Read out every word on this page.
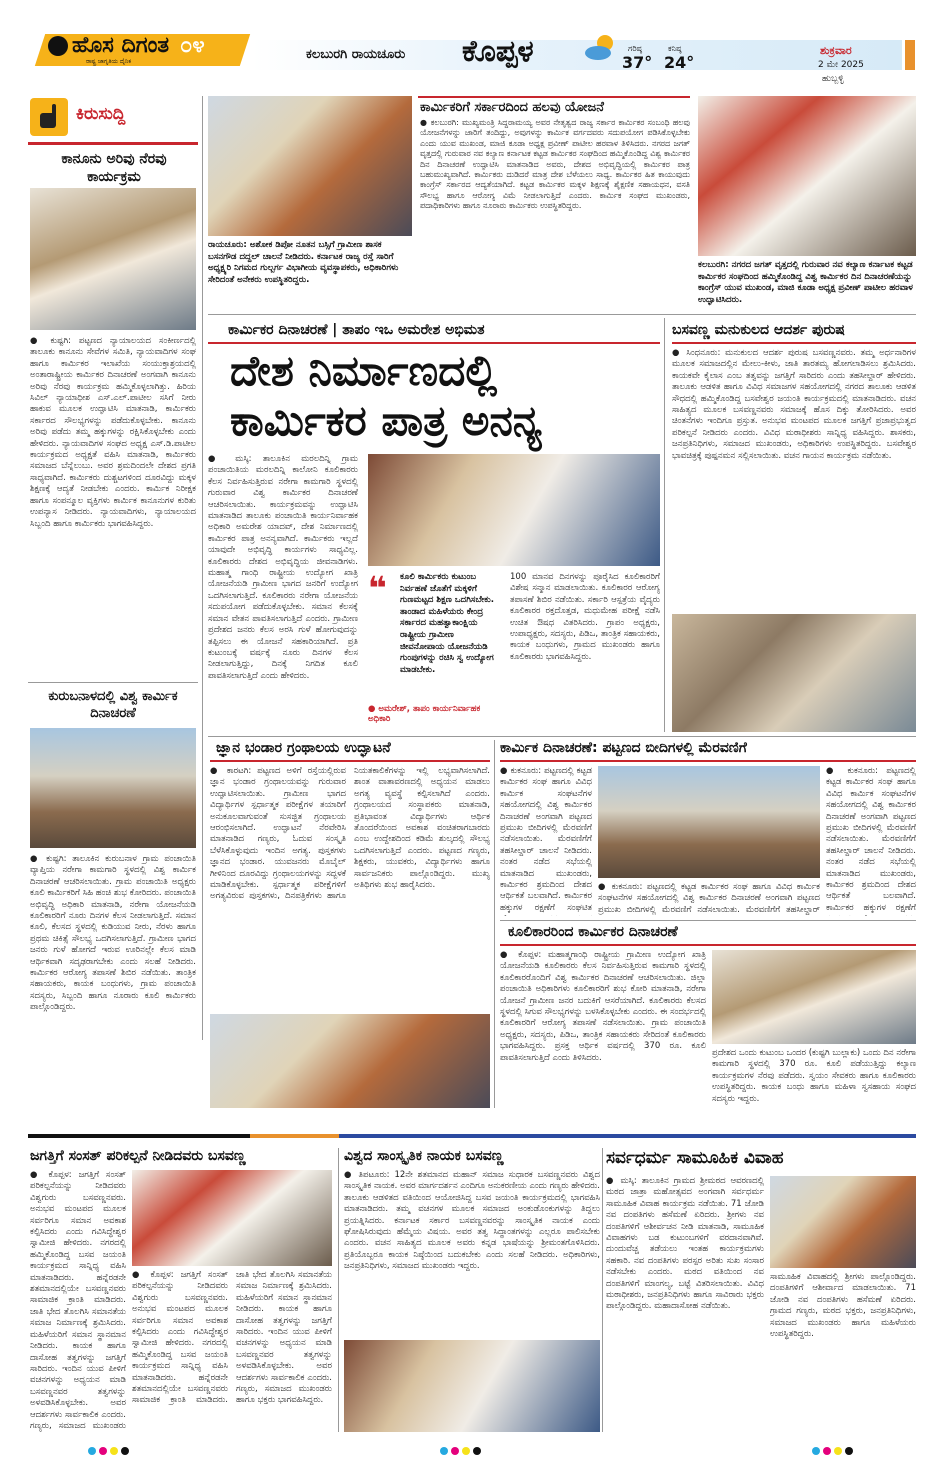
ಹೊಸ ದಿಗಂತ
ರಾಷ್ಟ್ರ ಜಾಗೃತಿಯ ದೈನಿಕ
೦೪	ಕಲಬುರಗಿ ರಾಯಚೂರು ಕೊಪ್ಪಳ	ಗರಿಷ್ಠ
37°
ಕನಿಷ್ಠ
24°
ಶುಕ್ರವಾರ
2 ಮೇ 2025
ಹುಬ್ಬಳ್ಳಿ
ಕಿರುಸುದ್ದಿ
ಕಾನೂನು ಅರಿವು ನೆರವು ಕಾರ್ಯಕ್ರಮ
● ಕುಷ್ಟಗಿ: ಪಟ್ಟಣದ ನ್ಯಾಯಾಲಯದ ಸಂಕೀರ್ಣದಲ್ಲಿ ತಾಲೂಕು ಕಾನೂನು ಸೇವೆಗಳ ಸಮಿತಿ, ನ್ಯಾಯವಾದಿಗಳ ಸಂಘ ಹಾಗೂ ಕಾರ್ಮಿಕರ ಇಲಾಖೆಯ ಸಂಯುಕ್ತಾಶ್ರಯದಲ್ಲಿ ಅಂತಾರಾಷ್ಟ್ರೀಯ ಕಾರ್ಮಿಕರ ದಿನಾಚರಣೆ ಅಂಗವಾಗಿ ಕಾನೂನು ಅರಿವು ನೆರವು ಕಾರ್ಯಕ್ರಮ ಹಮ್ಮಿಕೊಳ್ಳಲಾಗಿತ್ತು. ಹಿರಿಯ ಸಿವಿಲ್ ನ್ಯಾಯಾಧೀಶ ಎಸ್.ಎಲ್.ಪಾಟೀಲ ಸಸಿಗೆ ನೀರು ಹಾಕುವ ಮೂಲಕ ಉದ್ಘಾಟಿಸಿ ಮಾತನಾಡಿ, ಕಾರ್ಮಿಕರು ಸರ್ಕಾರದ ಸೌಲಭ್ಯಗಳನ್ನು ಪಡೆದುಕೊಳ್ಳಬೇಕು. ಕಾನೂನು ಅರಿವು ಪಡೆದು ತಮ್ಮ ಹಕ್ಕುಗಳನ್ನು ರಕ್ಷಿಸಿಕೊಳ್ಳಬೇಕು ಎಂದು ಹೇಳಿದರು. ನ್ಯಾಯವಾದಿಗಳ ಸಂಘದ ಅಧ್ಯಕ್ಷ ಎಸ್.ಡಿ.ಪಾಟೀಲ ಕಾರ್ಯಕ್ರಮದ ಅಧ್ಯಕ್ಷತೆ ವಹಿಸಿ ಮಾತನಾಡಿ, ಕಾರ್ಮಿಕರು ಸಮಾಜದ ಬೆನ್ನೆಲುಬು. ಅವರ ಶ್ರಮದಿಂದಲೇ ದೇಶದ ಪ್ರಗತಿ ಸಾಧ್ಯವಾಗಿದೆ. ಕಾರ್ಮಿಕರು ದುಶ್ಚಟಗಳಿಂದ ದೂರವಿದ್ದು ಮಕ್ಕಳ ಶಿಕ್ಷಣಕ್ಕೆ ಆದ್ಯತೆ ನೀಡಬೇಕು ಎಂದರು. ಕಾರ್ಮಿಕ ನಿರೀಕ್ಷಕ ಹಾಗೂ ಸಂಪನ್ಮೂಲ ವ್ಯಕ್ತಿಗಳು ಕಾರ್ಮಿಕ ಕಾನೂನುಗಳ ಕುರಿತು ಉಪನ್ಯಾಸ ನೀಡಿದರು. ನ್ಯಾಯವಾದಿಗಳು, ನ್ಯಾಯಾಲಯದ ಸಿಬ್ಬಂದಿ ಹಾಗೂ ಕಾರ್ಮಿಕರು ಭಾಗವಹಿಸಿದ್ದರು.
ಕುರುಬನಾಳದಲ್ಲಿ ವಿಶ್ವ ಕಾರ್ಮಿಕ ದಿನಾಚರಣೆ
● ಕುಷ್ಟಗಿ: ತಾಲೂಕಿನ ಕುರುಬನಾಳ ಗ್ರಾಮ ಪಂಚಾಯಿತಿ ವ್ಯಾಪ್ತಿಯ ನರೇಗಾ ಕಾಮಗಾರಿ ಸ್ಥಳದಲ್ಲಿ ವಿಶ್ವ ಕಾರ್ಮಿಕ ದಿನಾಚರಣೆ ಆಚರಿಸಲಾಯಿತು. ಗ್ರಾಮ ಪಂಚಾಯಿತಿ ಅಧ್ಯಕ್ಷರು ಕೂಲಿ ಕಾರ್ಮಿಕರಿಗೆ ಸಿಹಿ ಹಂಚಿ ಶುಭ ಕೋರಿದರು. ಪಂಚಾಯಿತಿ ಅಭಿವೃದ್ಧಿ ಅಧಿಕಾರಿ ಮಾತನಾಡಿ, ನರೇಗಾ ಯೋಜನೆಯಡಿ ಕೂಲಿಕಾರರಿಗೆ ನೂರು ದಿನಗಳ ಕೆಲಸ ನೀಡಲಾಗುತ್ತಿದೆ. ಸಮಾನ ಕೂಲಿ, ಕೆಲಸದ ಸ್ಥಳದಲ್ಲಿ ಕುಡಿಯುವ ನೀರು, ನೆರಳು ಹಾಗೂ ಪ್ರಥಮ ಚಿಕಿತ್ಸೆ ಸೌಲಭ್ಯ ಒದಗಿಸಲಾಗುತ್ತಿದೆ. ಗ್ರಾಮೀಣ ಭಾಗದ ಜನರು ಗುಳೆ ಹೋಗದೆ ಇರುವ ಊರಿನಲ್ಲೇ ಕೆಲಸ ಮಾಡಿ ಆರ್ಥಿಕವಾಗಿ ಸದೃಢರಾಗಬೇಕು ಎಂದು ಸಲಹೆ ನೀಡಿದರು. ಕಾರ್ಮಿಕರ ಆರೋಗ್ಯ ತಪಾಸಣೆ ಶಿಬಿರ ನಡೆಯಿತು. ತಾಂತ್ರಿಕ ಸಹಾಯಕರು, ಕಾಯಕ ಬಂಧುಗಳು, ಗ್ರಾಮ ಪಂಚಾಯಿತಿ ಸದಸ್ಯರು, ಸಿಬ್ಬಂದಿ ಹಾಗೂ ನೂರಾರು ಕೂಲಿ ಕಾರ್ಮಿಕರು ಪಾಲ್ಗೊಂಡಿದ್ದರು.
ರಾಯಚೂರು: ಅಶೋಕ ಡಿಪೋ ನೂತನ ಬಸ್ಸಿಗೆ ಗ್ರಾಮೀಣ ಶಾಸಕ ಬಸನಗೌಡ ದದ್ದಲ್ ಚಾಲನೆ ನೀಡಿದರು. ಕರ್ನಾಟಕ ರಾಜ್ಯ ರಸ್ತೆ ಸಾರಿಗೆ ಅಧ್ಯಕ್ಷ್ಯರಿ ನಿಗಮದ ಗುಲ್ಬರ್ಗ ವಿಭಾಗೀಯ ವ್ಯವಸ್ಥಾಪಕರು, ಅಧಿಕಾರಿಗಳು ಸೇರಿದಂತೆ ಅನೇಕರು ಉಪಸ್ಥಿತರಿದ್ದರು.
ಕಾರ್ಮಿಕರಿಗೆ ಸರ್ಕಾರದಿಂದ ಹಲವು ಯೋಜನೆ
● ಕಲಬುರಗಿ: ಮುಖ್ಯಮಂತ್ರಿ ಸಿದ್ದರಾಮಯ್ಯ ಅವರ ನೇತೃತ್ವದ ರಾಜ್ಯ ಸರ್ಕಾರ ಕಾರ್ಮಿಕರ ಸಂಬಂಧಿ ಹಲವು ಯೋಜನೆಗಳನ್ನು ಜಾರಿಗೆ ತಂದಿದ್ದು, ಅವುಗಳನ್ನು ಕಾರ್ಮಿಕ ವರ್ಗದವರು ಸದುಪಯೋಗ ಪಡಿಸಿಕೊಳ್ಳಬೇಕು ಎಂದು ಯುವ ಮುಖಂಡ, ಮಾಜಿ ಕೂಡಾ ಅಧ್ಯಕ್ಷ ಪ್ರವೀಣ್ ಪಾಟೀಲ ಹರವಾಳ ತಿಳಿಸಿದರು. ನಗರದ ಜಗತ್ ವೃತ್ತದಲ್ಲಿ ಗುರುವಾರ ನವ ಕಲ್ಯಾಣ ಕರ್ನಾಟಕ ಕಟ್ಟಡ ಕಾರ್ಮಿಕರ ಸಂಘದಿಂದ ಹಮ್ಮಿಕೊಂಡಿದ್ದ ವಿಶ್ವ ಕಾರ್ಮಿಕರ ದಿನ ದಿನಾಚರಣೆ ಉದ್ಘಾಟಿಸಿ ಮಾತನಾಡಿದ ಅವರು, ದೇಶದ ಅಭಿವೃದ್ಧಿಯಲ್ಲಿ ಕಾರ್ಮಿಕರ ಪಾತ್ರ ಬಹುಮುಖ್ಯವಾಗಿದೆ. ಕಾರ್ಮಿಕರು ದುಡಿದರೆ ಮಾತ್ರ ದೇಶ ಬೆಳೆಯಲು ಸಾಧ್ಯ. ಕಾರ್ಮಿಕರ ಹಿತ ಕಾಯುವುದು ಕಾಂಗ್ರೆಸ್ ಸರ್ಕಾರದ ಆದ್ಯತೆಯಾಗಿದೆ. ಕಟ್ಟಡ ಕಾರ್ಮಿಕರ ಮಕ್ಕಳ ಶಿಕ್ಷಣಕ್ಕೆ ಶೈಕ್ಷಣಿಕ ಸಹಾಯಧನ, ವಸತಿ ಸೌಲಭ್ಯ ಹಾಗೂ ಆರೋಗ್ಯ ವಿಮೆ ನೀಡಲಾಗುತ್ತಿದೆ ಎಂದರು. ಕಾರ್ಮಿಕ ಸಂಘದ ಮುಖಂಡರು, ಪದಾಧಿಕಾರಿಗಳು ಹಾಗೂ ನೂರಾರು ಕಾರ್ಮಿಕರು ಉಪಸ್ಥಿತರಿದ್ದರು.
ಕಲಬುರಗಿ: ನಗರದ ಜಗತ್ ವೃತ್ತದಲ್ಲಿ ಗುರುವಾರ ನವ ಕಲ್ಯಾಣ ಕರ್ನಾಟಕ ಕಟ್ಟಡ ಕಾರ್ಮಿಕರ ಸಂಘದಿಂದ ಹಮ್ಮಿಕೊಂಡಿದ್ದ ವಿಶ್ವ ಕಾರ್ಮಿಕರ ದಿನ ದಿನಾಚರಣೆಯನ್ನು ಕಾಂಗ್ರೆಸ್ ಯುವ ಮುಖಂಡ, ಮಾಜಿ ಕೂಡಾ ಅಧ್ಯಕ್ಷ ಪ್ರವೀಣ್ ಪಾಟೀಲ ಹರವಾಳ ಉದ್ಘಾಟಿಸಿದರು.
ಕಾರ್ಮಿಕರ ದಿನಾಚರಣೆ | ತಾಪಂ ಇಒ ಅಮರೇಶ ಅಭಿಮತ
ದೇಶ ನಿರ್ಮಾಣದಲ್ಲಿ
ಕಾರ್ಮಿಕರ ಪಾತ್ರ ಅನನ್ಯ
● ಮಸ್ಕಿ: ತಾಲೂಕಿನ ಮರಲದಿನ್ನಿ ಗ್ರಾಮ ಪಂಚಾಯಿತಿಯ ಮರಲದಿನ್ನಿ ಕಾಲೋನಿ ಕೂಲಿಕಾರರು ಕೆಲಸ ನಿರ್ವಹಿಸುತ್ತಿರುವ ನರೇಗಾ ಕಾಮಗಾರಿ ಸ್ಥಳದಲ್ಲಿ ಗುರುವಾರ ವಿಶ್ವ ಕಾರ್ಮಿಕರ ದಿನಾಚರಣೆ ಆಚರಿಸಲಾಯಿತು. ಕಾರ್ಯಕ್ರಮವನ್ನು ಉದ್ಘಾಟಿಸಿ ಮಾತನಾಡಿದ ತಾಲೂಕು ಪಂಚಾಯಿತಿ ಕಾರ್ಯನಿರ್ವಾಹಕ ಅಧಿಕಾರಿ ಅಮರೇಶ ಯಾದವ್, ದೇಶ ನಿರ್ಮಾಣದಲ್ಲಿ ಕಾರ್ಮಿಕರ ಪಾತ್ರ ಅನನ್ಯವಾಗಿದೆ. ಕಾರ್ಮಿಕರು ಇಲ್ಲದೆ ಯಾವುದೇ ಅಭಿವೃದ್ಧಿ ಕಾರ್ಯಗಳು ಸಾಧ್ಯವಿಲ್ಲ. ಕೂಲಿಕಾರರು ದೇಶದ ಅಭಿವೃದ್ಧಿಯ ಜೀವನಾಡಿಗಳು. ಮಹಾತ್ಮ ಗಾಂಧಿ ರಾಷ್ಟ್ರೀಯ ಉದ್ಯೋಗ ಖಾತ್ರಿ ಯೋಜನೆಯಡಿ ಗ್ರಾಮೀಣ ಭಾಗದ ಜನರಿಗೆ ಉದ್ಯೋಗ ಒದಗಿಸಲಾಗುತ್ತಿದೆ. ಕೂಲಿಕಾರರು ನರೇಗಾ ಯೋಜನೆಯ ಸದುಪಯೋಗ ಪಡೆದುಕೊಳ್ಳಬೇಕು. ಸಮಾನ ಕೆಲಸಕ್ಕೆ ಸಮಾನ ವೇತನ ಪಾವತಿಸಲಾಗುತ್ತಿದೆ ಎಂದರು. ಗ್ರಾಮೀಣ ಪ್ರದೇಶದ ಜನರು ಕೆಲಸ ಅರಸಿ ಗುಳೆ ಹೋಗುವುದನ್ನು ತಪ್ಪಿಸಲು ಈ ಯೋಜನೆ ಸಹಕಾರಿಯಾಗಿದೆ. ಪ್ರತಿ ಕುಟುಂಬಕ್ಕೆ ವರ್ಷಕ್ಕೆ ನೂರು ದಿನಗಳ ಕೆಲಸ ನೀಡಲಾಗುತ್ತಿದ್ದು, ದಿನಕ್ಕೆ ನಿಗದಿತ ಕೂಲಿ ಪಾವತಿಸಲಾಗುತ್ತಿದೆ ಎಂದು ಹೇಳಿದರು.
❝ ಕೂಲಿ ಕಾರ್ಮಿಕರು ಕುಟುಂಬ ನಿರ್ವಹಣೆ ಜೊತೆಗೆ ಮಕ್ಕಳಿಗೆ ಗುಣಮಟ್ಟದ ಶಿಕ್ಷಣ ಒದಗಿಸಬೇಕು. ತಾಂಡಾದ ಮಹಿಳೆಯರು ಕೇಂದ್ರ ಸರ್ಕಾರದ ಮಹತ್ವಾಕಾಂಕ್ಷಿಯ ರಾಷ್ಟ್ರೀಯ ಗ್ರಾಮೀಣ ಜೀವನೋಪಾಯ ಯೋಜನೆಯಡಿ ಗುಂಪುಗಳನ್ನು ರಚಿಸಿ ಸ್ವ ಉದ್ಯೋಗ ಮಾಡಬೇಕು.
● ಅಮರೇಶ್, ತಾಪಂ ಕಾರ್ಯನಿರ್ವಾಹಕ ಅಧಿಕಾರಿ
100 ಮಾನವ ದಿನಗಳನ್ನು ಪೂರೈಸಿದ ಕೂಲಿಕಾರರಿಗೆ ವಿಶೇಷ ಸನ್ಮಾನ ಮಾಡಲಾಯಿತು. ಕೂಲಿಕಾರರ ಆರೋಗ್ಯ ತಪಾಸಣೆ ಶಿಬಿರ ನಡೆಯಿತು. ಸರ್ಕಾರಿ ಆಸ್ಪತ್ರೆಯ ವೈದ್ಯರು ಕೂಲಿಕಾರರ ರಕ್ತದೊತ್ತಡ, ಮಧುಮೇಹ ಪರೀಕ್ಷೆ ನಡೆಸಿ ಉಚಿತ ಔಷಧ ವಿತರಿಸಿದರು. ಗ್ರಾಪಂ ಅಧ್ಯಕ್ಷರು, ಉಪಾಧ್ಯಕ್ಷರು, ಸದಸ್ಯರು, ಪಿಡಿಒ, ತಾಂತ್ರಿಕ ಸಹಾಯಕರು, ಕಾಯಕ ಬಂಧುಗಳು, ಗ್ರಾಮದ ಮುಖಂಡರು ಹಾಗೂ ಕೂಲಿಕಾರರು ಭಾಗವಹಿಸಿದ್ದರು.
ಬಸವಣ್ಣ ಮನುಕುಲದ ಆದರ್ಶ ಪುರುಷ
● ಸಿಂಧನೂರು: ಮನುಕುಲದ ಆದರ್ಶ ಪುರುಷ ಬಸವಣ್ಣನವರು. ತಮ್ಮ ಅರ್ಧನಾರಿಗಳ ಮೂಲಕ ಸಮಾಜದಲ್ಲಿನ ಮೇಲು-ಕೀಳು, ಜಾತಿ ತಾರತಮ್ಯ ಹೋಗಲಾಡಿಸಲು ಶ್ರಮಿಸಿದರು. ಕಾಯಕವೇ ಕೈಲಾಸ ಎಂಬ ತತ್ವವನ್ನು ಜಗತ್ತಿಗೆ ಸಾರಿದರು ಎಂದು ತಹಸೀಲ್ದಾರ್ ಹೇಳಿದರು. ತಾಲೂಕು ಆಡಳಿತ ಹಾಗೂ ವಿವಿಧ ಸಮಾಜಗಳ ಸಹಯೋಗದಲ್ಲಿ ನಗರದ ತಾಲೂಕು ಆಡಳಿತ ಸೌಧದಲ್ಲಿ ಹಮ್ಮಿಕೊಂಡಿದ್ದ ಬಸವೇಶ್ವರ ಜಯಂತಿ ಕಾರ್ಯಕ್ರಮದಲ್ಲಿ ಮಾತನಾಡಿದರು. ವಚನ ಸಾಹಿತ್ಯದ ಮೂಲಕ ಬಸವಣ್ಣನವರು ಸಮಾಜಕ್ಕೆ ಹೊಸ ದಿಕ್ಕು ತೋರಿಸಿದರು. ಅವರ ಚಿಂತನೆಗಳು ಇಂದಿಗೂ ಪ್ರಸ್ತುತ. ಅನುಭವ ಮಂಟಪದ ಮೂಲಕ ಜಗತ್ತಿಗೆ ಪ್ರಜಾಪ್ರಭುತ್ವದ ಪರಿಕಲ್ಪನೆ ನೀಡಿದರು ಎಂದರು. ವಿವಿಧ ಮಠಾಧೀಶರು ಸಾನ್ನಿಧ್ಯ ವಹಿಸಿದ್ದರು. ಶಾಸಕರು, ಜನಪ್ರತಿನಿಧಿಗಳು, ಸಮಾಜದ ಮುಖಂಡರು, ಅಧಿಕಾರಿಗಳು ಉಪಸ್ಥಿತರಿದ್ದರು. ಬಸವೇಶ್ವರ ಭಾವಚಿತ್ರಕ್ಕೆ ಪುಷ್ಪನಮನ ಸಲ್ಲಿಸಲಾಯಿತು. ವಚನ ಗಾಯನ ಕಾರ್ಯಕ್ರಮ ನಡೆಯಿತು.
ಜ್ಞಾನ ಭಂಡಾರ ಗ್ರಂಥಾಲಯ ಉದ್ಘಾಟನೆ
● ಕಾರಟಗಿ: ಪಟ್ಟಣದ ಅಳಿಗೆ ರಸ್ತೆಯಲ್ಲಿರುವ ಜ್ಞಾನ ಭಂಡಾರ ಗ್ರಂಥಾಲಯವನ್ನು ಗುರುವಾರ ಉದ್ಘಾಟಿಸಲಾಯಿತು. ಗ್ರಾಮೀಣ ಭಾಗದ ವಿದ್ಯಾರ್ಥಿಗಳ ಸ್ಪರ್ಧಾತ್ಮಕ ಪರೀಕ್ಷೆಗಳ ತಯಾರಿಗೆ ಅನುಕೂಲವಾಗುವಂತೆ ಸುಸಜ್ಜಿತ ಗ್ರಂಥಾಲಯ ಆರಂಭಿಸಲಾಗಿದೆ. ಉದ್ಘಾಟನೆ ನೆರವೇರಿಸಿ ಮಾತನಾಡಿದ ಗಣ್ಯರು, ಓದುವ ಸಂಸ್ಕೃತಿ ಬೆಳೆಸಿಕೊಳ್ಳುವುದು ಇಂದಿನ ಅಗತ್ಯ. ಪುಸ್ತಕಗಳು ಜ್ಞಾನದ ಭಂಡಾರ. ಯುವಜನರು ಮೊಬೈಲ್ ಗೀಳಿನಿಂದ ದೂರವಿದ್ದು ಗ್ರಂಥಾಲಯಗಳನ್ನು ಸದ್ಬಳಕೆ ಮಾಡಿಕೊಳ್ಳಬೇಕು. ಸ್ಪರ್ಧಾತ್ಮಕ ಪರೀಕ್ಷೆಗಳಿಗೆ ಅಗತ್ಯವಿರುವ ಪುಸ್ತಕಗಳು, ದಿನಪತ್ರಿಕೆಗಳು ಹಾಗೂ ನಿಯತಕಾಲಿಕೆಗಳನ್ನು ಇಲ್ಲಿ ಲಭ್ಯವಾಗಿಸಲಾಗಿದೆ. ಶಾಂತ ವಾತಾವರಣದಲ್ಲಿ ಅಧ್ಯಯನ ಮಾಡಲು ಅಗತ್ಯ ವ್ಯವಸ್ಥೆ ಕಲ್ಪಿಸಲಾಗಿದೆ ಎಂದರು. ಗ್ರಂಥಾಲಯದ ಸಂಸ್ಥಾಪಕರು ಮಾತನಾಡಿ, ಪ್ರತಿಭಾವಂತ ವಿದ್ಯಾರ್ಥಿಗಳು ಆರ್ಥಿಕ ತೊಂದರೆಯಿಂದ ಅವಕಾಶ ವಂಚಿತರಾಗಬಾರದು ಎಂಬ ಉದ್ದೇಶದಿಂದ ಕಡಿಮೆ ಶುಲ್ಕದಲ್ಲಿ ಸೌಲಭ್ಯ ಒದಗಿಸಲಾಗುತ್ತಿದೆ ಎಂದರು. ಪಟ್ಟಣದ ಗಣ್ಯರು, ಶಿಕ್ಷಕರು, ಯುವಕರು, ವಿದ್ಯಾರ್ಥಿಗಳು ಹಾಗೂ ಸಾರ್ವಜನಿಕರು ಪಾಲ್ಗೊಂಡಿದ್ದರು. ಮುಖ್ಯ ಅತಿಥಿಗಳು ಶುಭ ಹಾರೈಸಿದರು.
ಕಾರ್ಮಿಕ ದಿನಾಚರಣೆ: ಪಟ್ಟಣದ ಬೀದಿಗಳಲ್ಲಿ ಮೆರವಣಿಗೆ
● ಕುಕನೂರು: ಪಟ್ಟಣದಲ್ಲಿ ಕಟ್ಟಡ ಕಾರ್ಮಿಕರ ಸಂಘ ಹಾಗೂ ವಿವಿಧ ಕಾರ್ಮಿಕ ಸಂಘಟನೆಗಳ ಸಹಯೋಗದಲ್ಲಿ ವಿಶ್ವ ಕಾರ್ಮಿಕರ ದಿನಾಚರಣೆ ಅಂಗವಾಗಿ ಪಟ್ಟಣದ ಪ್ರಮುಖ ಬೀದಿಗಳಲ್ಲಿ ಮೆರವಣಿಗೆ ನಡೆಸಲಾಯಿತು. ಮೆರವಣಿಗೆಗೆ ತಹಸೀಲ್ದಾರ್ ಚಾಲನೆ ನೀಡಿದರು. ನಂತರ ನಡೆದ ಸಭೆಯಲ್ಲಿ ಮಾತನಾಡಿದ ಮುಖಂಡರು, ಕಾರ್ಮಿಕರ ಶ್ರಮದಿಂದ ದೇಶದ ಆರ್ಥಿಕತೆ ಬಲವಾಗಿದೆ. ಕಾರ್ಮಿಕರ ಹಕ್ಕುಗಳ ರಕ್ಷಣೆಗೆ ಸಂಘಟಿತ
● ಕುಕನೂರು: ಪಟ್ಟಣದಲ್ಲಿ ಕಟ್ಟಡ ಕಾರ್ಮಿಕರ ಸಂಘ ಹಾಗೂ ವಿವಿಧ ಕಾರ್ಮಿಕ ಸಂಘಟನೆಗಳ ಸಹಯೋಗದಲ್ಲಿ ವಿಶ್ವ ಕಾರ್ಮಿಕರ ದಿನಾಚರಣೆ ಅಂಗವಾಗಿ ಪಟ್ಟಣದ ಪ್ರಮುಖ ಬೀದಿಗಳಲ್ಲಿ ಮೆರವಣಿಗೆ ನಡೆಸಲಾಯಿತು. ಮೆರವಣಿಗೆಗೆ ತಹಸೀಲ್ದಾರ್
● ಕುಕನೂರು: ಪಟ್ಟಣದಲ್ಲಿ ಕಟ್ಟಡ ಕಾರ್ಮಿಕರ ಸಂಘ ಹಾಗೂ ವಿವಿಧ ಕಾರ್ಮಿಕ ಸಂಘಟನೆಗಳ ಸಹಯೋಗದಲ್ಲಿ ವಿಶ್ವ ಕಾರ್ಮಿಕರ ದಿನಾಚರಣೆ ಅಂಗವಾಗಿ ಪಟ್ಟಣದ ಪ್ರಮುಖ ಬೀದಿಗಳಲ್ಲಿ ಮೆರವಣಿಗೆ ನಡೆಸಲಾಯಿತು. ಮೆರವಣಿಗೆಗೆ ತಹಸೀಲ್ದಾರ್ ಚಾಲನೆ ನೀಡಿದರು. ನಂತರ ನಡೆದ ಸಭೆಯಲ್ಲಿ ಮಾತನಾಡಿದ ಮುಖಂಡರು, ಕಾರ್ಮಿಕರ ಶ್ರಮದಿಂದ ದೇಶದ ಆರ್ಥಿಕತೆ ಬಲವಾಗಿದೆ. ಕಾರ್ಮಿಕರ ಹಕ್ಕುಗಳ ರಕ್ಷಣೆಗೆ
ಕೂಲಿಕಾರರಿಂದ ಕಾರ್ಮಿಕರ ದಿನಾಚರಣೆ
● ಕೊಪ್ಪಳ: ಮಹಾತ್ಮಗಾಂಧಿ ರಾಷ್ಟ್ರೀಯ ಗ್ರಾಮೀಣ ಉದ್ಯೋಗ ಖಾತ್ರಿ ಯೋಜನೆಯಡಿ ಕೂಲಿಕಾರರು ಕೆಲಸ ನಿರ್ವಹಿಸುತ್ತಿರುವ ಕಾಮಗಾರಿ ಸ್ಥಳದಲ್ಲಿ ಕೂಲಿಕಾರರೊಂದಿಗೆ ವಿಶ್ವ ಕಾರ್ಮಿಕರ ದಿನಾಚರಣೆ ಆಚರಿಸಲಾಯಿತು. ಜಿಲ್ಲಾ ಪಂಚಾಯಿತಿ ಅಧಿಕಾರಿಗಳು ಕೂಲಿಕಾರರಿಗೆ ಶುಭ ಕೋರಿ ಮಾತನಾಡಿ, ನರೇಗಾ ಯೋಜನೆ ಗ್ರಾಮೀಣ ಜನರ ಬದುಕಿಗೆ ಆಸರೆಯಾಗಿದೆ. ಕೂಲಿಕಾರರು ಕೆಲಸದ ಸ್ಥಳದಲ್ಲಿ ಸಿಗುವ ಸೌಲಭ್ಯಗಳನ್ನು ಬಳಸಿಕೊಳ್ಳಬೇಕು ಎಂದರು. ಈ ಸಂದರ್ಭದಲ್ಲಿ ಕೂಲಿಕಾರರಿಗೆ ಆರೋಗ್ಯ ತಪಾಸಣೆ ನಡೆಸಲಾಯಿತು. ಗ್ರಾಮ ಪಂಚಾಯಿತಿ ಅಧ್ಯಕ್ಷರು, ಸದಸ್ಯರು, ಪಿಡಿಒ, ತಾಂತ್ರಿಕ ಸಹಾಯಕರು ಸೇರಿದಂತೆ ಕೂಲಿಕಾರರು ಭಾಗವಹಿಸಿದ್ದರು. ಪ್ರಸಕ್ತ ಆರ್ಥಿಕ ವರ್ಷದಲ್ಲಿ 370 ರೂ. ಕೂಲಿ ಪಾವತಿಸಲಾಗುತ್ತಿದೆ ಎಂದು ತಿಳಿಸಿದರು.	ಪ್ರದೇಶದ ಒಂದು ಕುಟುಂಬ ಒಂದರ (ಕುಷ್ಟಗಿ ಬುಲ್ಲಾಕು) ಒಂದು ದಿನ ನರೇಗಾ ಕಾಮಗಾರಿ ಸ್ಥಳದಲ್ಲಿ 370 ರೂ. ಕೂಲಿ ಪಡೆಯುತ್ತಿದ್ದು ಕಲ್ಯಾಣ ಕಾರ್ಯಕ್ರಮಗಳ ನೆರವು ಪಡೆದರು. ಸ್ವಯಂ ಸೇವಕರು ಹಾಗೂ ಕೂಲಿಕಾರರು ಉಪಸ್ಥಿತರಿದ್ದರು. ಕಾಯಕ ಬಂಧು ಹಾಗೂ ಮಹಿಳಾ ಸ್ವಸಹಾಯ ಸಂಘದ ಸದಸ್ಯರು ಇದ್ದರು.
ಜಗತ್ತಿಗೆ ಸಂಸತ್ ಪರಿಕಲ್ಪನೆ ನೀಡಿದವರು ಬಸವಣ್ಣ
● ಕೊಪ್ಪಳ: ಜಗತ್ತಿಗೆ ಸಂಸತ್ ಪರಿಕಲ್ಪನೆಯನ್ನು ನೀಡಿದವರು ವಿಶ್ವಗುರು ಬಸವಣ್ಣನವರು. ಅನುಭವ ಮಂಟಪದ ಮೂಲಕ ಸರ್ವರಿಗೂ ಸಮಾನ ಅವಕಾಶ ಕಲ್ಪಿಸಿದರು ಎಂದು ಗವಿಸಿದ್ಧೇಶ್ವರ ಸ್ವಾಮೀಜಿ ಹೇಳಿದರು. ನಗರದಲ್ಲಿ ಹಮ್ಮಿಕೊಂಡಿದ್ದ ಬಸವ ಜಯಂತಿ ಕಾರ್ಯಕ್ರಮದ ಸಾನ್ನಿಧ್ಯ ವಹಿಸಿ ಮಾತನಾಡಿದರು. ಹನ್ನೆರಡನೇ ಶತಮಾನದಲ್ಲಿಯೇ ಬಸವಣ್ಣನವರು ಸಾಮಾಜಿಕ ಕ್ರಾಂತಿ ಮಾಡಿದರು. ಜಾತಿ ಭೇದ ತೊಲಗಿಸಿ ಸಮಾನತೆಯ ಸಮಾಜ ನಿರ್ಮಾಣಕ್ಕೆ ಶ್ರಮಿಸಿದರು. ಮಹಿಳೆಯರಿಗೆ ಸಮಾನ ಸ್ಥಾನಮಾನ ನೀಡಿದರು. ಕಾಯಕ ಹಾಗೂ ದಾಸೋಹ ತತ್ವಗಳನ್ನು ಜಗತ್ತಿಗೆ ಸಾರಿದರು. ಇಂದಿನ ಯುವ ಪೀಳಿಗೆ ವಚನಗಳನ್ನು ಅಧ್ಯಯನ ಮಾಡಿ ಬಸವಣ್ಣನವರ ತತ್ವಗಳನ್ನು ಅಳವಡಿಸಿಕೊಳ್ಳಬೇಕು. ಅವರ ಆದರ್ಶಗಳು ಸಾರ್ವಕಾಲಿಕ ಎಂದರು. ಗಣ್ಯರು, ಸಮಾಜದ ಮುಖಂಡರು
● ಕೊಪ್ಪಳ: ಜಗತ್ತಿಗೆ ಸಂಸತ್ ಪರಿಕಲ್ಪನೆಯನ್ನು ನೀಡಿದವರು ವಿಶ್ವಗುರು ಬಸವಣ್ಣನವರು. ಅನುಭವ ಮಂಟಪದ ಮೂಲಕ ಸರ್ವರಿಗೂ ಸಮಾನ ಅವಕಾಶ ಕಲ್ಪಿಸಿದರು ಎಂದು ಗವಿಸಿದ್ಧೇಶ್ವರ ಸ್ವಾಮೀಜಿ ಹೇಳಿದರು. ನಗರದಲ್ಲಿ ಹಮ್ಮಿಕೊಂಡಿದ್ದ ಬಸವ ಜಯಂತಿ ಕಾರ್ಯಕ್ರಮದ ಸಾನ್ನಿಧ್ಯ ವಹಿಸಿ ಮಾತನಾಡಿದರು. ಹನ್ನೆರಡನೇ ಶತಮಾನದಲ್ಲಿಯೇ ಬಸವಣ್ಣನವರು ಸಾಮಾಜಿಕ ಕ್ರಾಂತಿ ಮಾಡಿದರು. ಜಾತಿ ಭೇದ ತೊಲಗಿಸಿ ಸಮಾನತೆಯ ಸಮಾಜ ನಿರ್ಮಾಣಕ್ಕೆ ಶ್ರಮಿಸಿದರು. ಮಹಿಳೆಯರಿಗೆ ಸಮಾನ ಸ್ಥಾನಮಾನ ನೀಡಿದರು. ಕಾಯಕ ಹಾಗೂ ದಾಸೋಹ ತತ್ವಗಳನ್ನು ಜಗತ್ತಿಗೆ ಸಾರಿದರು. ಇಂದಿನ ಯುವ ಪೀಳಿಗೆ ವಚನಗಳನ್ನು ಅಧ್ಯಯನ ಮಾಡಿ ಬಸವಣ್ಣನವರ ತತ್ವಗಳನ್ನು ಅಳವಡಿಸಿಕೊಳ್ಳಬೇಕು. ಅವರ ಆದರ್ಶಗಳು ಸಾರ್ವಕಾಲಿಕ ಎಂದರು. ಗಣ್ಯರು, ಸಮಾಜದ ಮುಖಂಡರು ಹಾಗೂ ಭಕ್ತರು ಭಾಗವಹಿಸಿದ್ದರು.
ವಿಶ್ವದ ಸಾಂಸ್ಕೃತಿಕ ನಾಯಕ ಬಸವಣ್ಣ
● ತಿಪಟೂರು: 12ನೇ ಶತಮಾನದ ಮಹಾನ್ ಸಮಾಜ ಸುಧಾರಕ ಬಸವಣ್ಣನವರು ವಿಶ್ವದ ಸಾಂಸ್ಕೃತಿಕ ನಾಯಕ. ಅವರ ಮಾರ್ಗದರ್ಶನ ಎಂದಿಗೂ ಅನುಕರಣೀಯ ಎಂದು ಗಣ್ಯರು ಹೇಳಿದರು. ತಾಲೂಕು ಆಡಳಿತದ ವತಿಯಿಂದ ಆಯೋಜಿಸಿದ್ದ ಬಸವ ಜಯಂತಿ ಕಾರ್ಯಕ್ರಮದಲ್ಲಿ ಭಾಗವಹಿಸಿ ಮಾತನಾಡಿದರು. ತಮ್ಮ ವಚನಗಳ ಮೂಲಕ ಸಮಾಜದ ಅಂಕುಡೊಂಕುಗಳನ್ನು ತಿದ್ದಲು ಪ್ರಯತ್ನಿಸಿದರು. ಕರ್ನಾಟಕ ಸರ್ಕಾರ ಬಸವಣ್ಣನವರನ್ನು ಸಾಂಸ್ಕೃತಿಕ ನಾಯಕ ಎಂದು ಘೋಷಿಸಿರುವುದು ಹೆಮ್ಮೆಯ ವಿಷಯ. ಅವರ ತತ್ವ ಸಿದ್ಧಾಂತಗಳನ್ನು ಎಲ್ಲರೂ ಪಾಲಿಸಬೇಕು ಎಂದರು. ವಚನ ಸಾಹಿತ್ಯದ ಮೂಲಕ ಅವರು ಕನ್ನಡ ಭಾಷೆಯನ್ನು ಶ್ರೀಮಂತಗೊಳಿಸಿದರು. ಪ್ರತಿಯೊಬ್ಬರೂ ಕಾಯಕ ನಿಷ್ಠೆಯಿಂದ ಬದುಕಬೇಕು ಎಂದು ಸಲಹೆ ನೀಡಿದರು. ಅಧಿಕಾರಿಗಳು, ಜನಪ್ರತಿನಿಧಿಗಳು, ಸಮಾಜದ ಮುಖಂಡರು ಇದ್ದರು.
ಸರ್ವಧರ್ಮ ಸಾಮೂಹಿಕ ವಿವಾಹ
● ಮಸ್ಕಿ: ತಾಲೂಕಿನ ಗ್ರಾಮದ ಶ್ರೀಮಠದ ಆವರಣದಲ್ಲಿ ಮಠದ ಜಾತ್ರಾ ಮಹೋತ್ಸವದ ಅಂಗವಾಗಿ ಸರ್ವಧರ್ಮ ಸಾಮೂಹಿಕ ವಿವಾಹ ಕಾರ್ಯಕ್ರಮ ನಡೆಯಿತು. 71 ಜೋಡಿ ನವ ದಂಪತಿಗಳು ಹಸೆಮಣೆ ಏರಿದರು. ಶ್ರೀಗಳು ನವ ದಂಪತಿಗಳಿಗೆ ಆಶೀರ್ವಚನ ನೀಡಿ ಮಾತನಾಡಿ, ಸಾಮೂಹಿಕ ವಿವಾಹಗಳು ಬಡ ಕುಟುಂಬಗಳಿಗೆ ವರದಾನವಾಗಿವೆ. ದುಂದುವೆಚ್ಚ ತಡೆಯಲು ಇಂತಹ ಕಾರ್ಯಕ್ರಮಗಳು ಸಹಕಾರಿ. ನವ ದಂಪತಿಗಳು ಪರಸ್ಪರ ಅರಿತು ಸುಖ ಸಂಸಾರ ನಡೆಸಬೇಕು ಎಂದರು. ಮಠದ ವತಿಯಿಂದ ನವ ದಂಪತಿಗಳಿಗೆ ಮಾಂಗಲ್ಯ, ಬಟ್ಟೆ ವಿತರಿಸಲಾಯಿತು. ವಿವಿಧ ಮಠಾಧೀಶರು, ಜನಪ್ರತಿನಿಧಿಗಳು ಹಾಗೂ ಸಾವಿರಾರು ಭಕ್ತರು ಪಾಲ್ಗೊಂಡಿದ್ದರು. ಮಹಾದಾಸೋಹ ನಡೆಯಿತು.
ಸಾಮೂಹಿಕ ವಿವಾಹದಲ್ಲಿ ಶ್ರೀಗಳು ಪಾಲ್ಗೊಂಡಿದ್ದರು. ದಂಪತಿಗಳಿಗೆ ಆಶೀರ್ವಾದ ಮಾಡಲಾಯಿತು. 71 ಜೋಡಿ ನವ ದಂಪತಿಗಳು ಹಸೆಮಣೆ ಏರಿದರು. ಗ್ರಾಮದ ಗಣ್ಯರು, ಮಠದ ಭಕ್ತರು, ಜನಪ್ರತಿನಿಧಿಗಳು, ಸಮಾಜದ ಮುಖಂಡರು ಹಾಗೂ ಮಹಿಳೆಯರು ಉಪಸ್ಥಿತರಿದ್ದರು.
